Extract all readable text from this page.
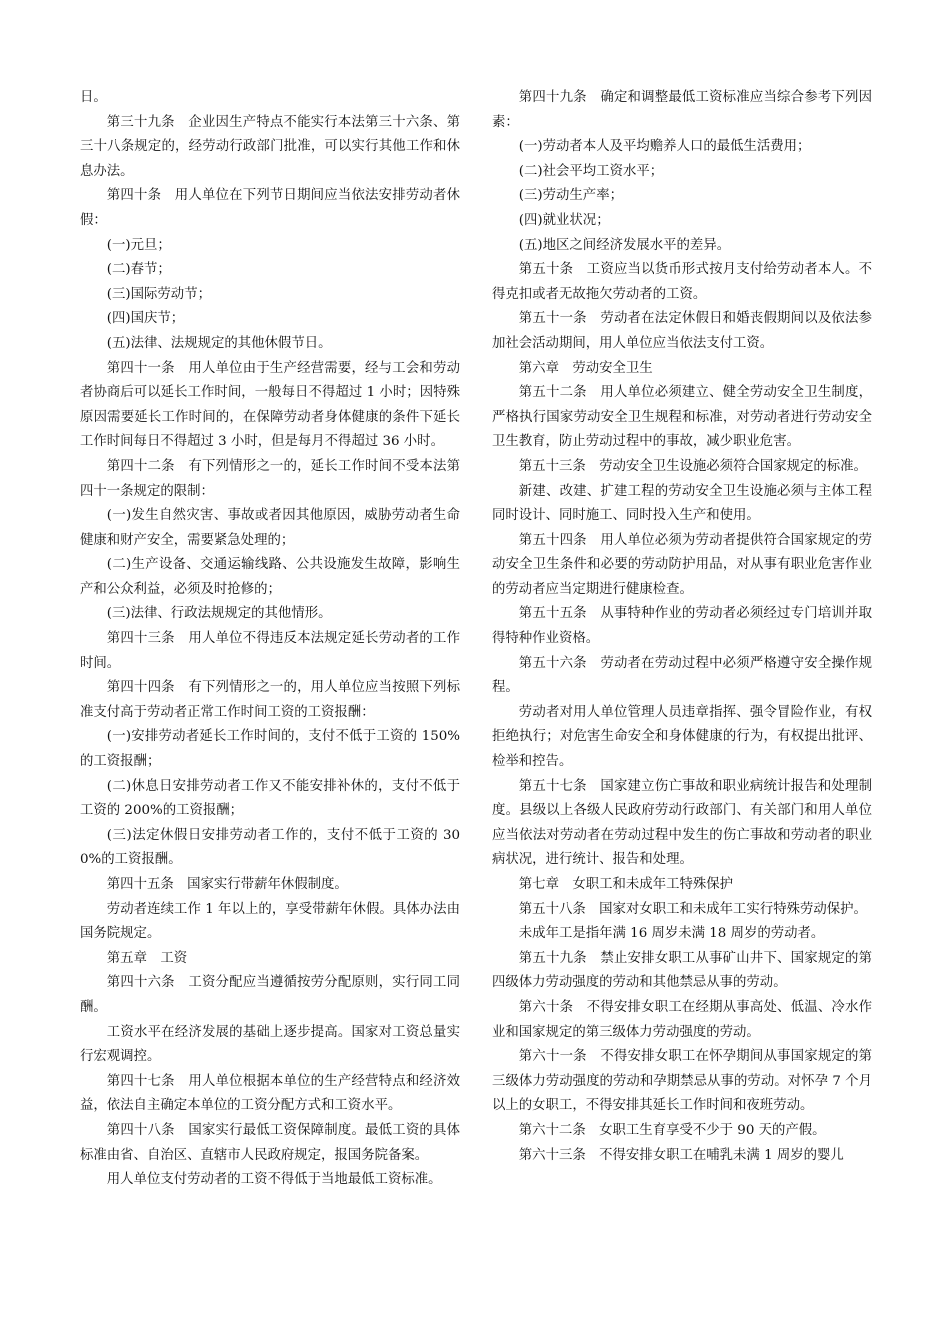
日。

第三十九条　企业因生产特点不能实行本法第三十六条、第三十八条规定的，经劳动行政部门批准，可以实行其他工作和休息办法。

第四十条　用人单位在下列节日期间应当依法安排劳动者休假：

(一)元旦；

(二)春节；

(三)国际劳动节；

(四)国庆节；

(五)法律、法规规定的其他休假节日。

第四十一条　用人单位由于生产经营需要，经与工会和劳动者协商后可以延长工作时间，一般每日不得超过 1 小时；因特殊原因需要延长工作时间的，在保障劳动者身体健康的条件下延长工作时间每日不得超过 3 小时，但是每月不得超过 36 小时。

第四十二条　有下列情形之一的，延长工作时间不受本法第四十一条规定的限制：

(一)发生自然灾害、事故或者因其他原因，威胁劳动者生命健康和财产安全，需要紧急处理的；

(二)生产设备、交通运输线路、公共设施发生故障，影响生产和公众利益，必须及时抢修的；

(三)法律、行政法规规定的其他情形。

第四十三条　用人单位不得违反本法规定延长劳动者的工作时间。

第四十四条　有下列情形之一的，用人单位应当按照下列标准支付高于劳动者正常工作时间工资的工资报酬：

(一)安排劳动者延长工作时间的，支付不低于工资的 150%的工资报酬；

(二)休息日安排劳动者工作又不能安排补休的，支付不低于工资的 200%的工资报酬；

(三)法定休假日安排劳动者工作的，支付不低于工资的 300%的工资报酬。

第四十五条　国家实行带薪年休假制度。

劳动者连续工作 1 年以上的，享受带薪年休假。具体办法由国务院规定。

第五章　工资

第四十六条　工资分配应当遵循按劳分配原则，实行同工同酬。

工资水平在经济发展的基础上逐步提高。国家对工资总量实行宏观调控。

第四十七条　用人单位根据本单位的生产经营特点和经济效益，依法自主确定本单位的工资分配方式和工资水平。

第四十八条　国家实行最低工资保障制度。最低工资的具体标准由省、自治区、直辖市人民政府规定，报国务院备案。

用人单位支付劳动者的工资不得低于当地最低工资标准。

第四十九条　确定和调整最低工资标准应当综合参考下列因素：

(一)劳动者本人及平均赡养人口的最低生活费用；

(二)社会平均工资水平；

(三)劳动生产率；

(四)就业状况；

(五)地区之间经济发展水平的差异。

第五十条　工资应当以货币形式按月支付给劳动者本人。不得克扣或者无故拖欠劳动者的工资。

第五十一条　劳动者在法定休假日和婚丧假期间以及依法参加社会活动期间，用人单位应当依法支付工资。

第六章　劳动安全卫生

第五十二条　用人单位必须建立、健全劳动安全卫生制度，严格执行国家劳动安全卫生规程和标准，对劳动者进行劳动安全卫生教育，防止劳动过程中的事故，减少职业危害。

第五十三条　劳动安全卫生设施必须符合国家规定的标准。

新建、改建、扩建工程的劳动安全卫生设施必须与主体工程同时设计、同时施工、同时投入生产和使用。

第五十四条　用人单位必须为劳动者提供符合国家规定的劳动安全卫生条件和必要的劳动防护用品，对从事有职业危害作业的劳动者应当定期进行健康检查。

第五十五条　从事特种作业的劳动者必须经过专门培训并取得特种作业资格。

第五十六条　劳动者在劳动过程中必须严格遵守安全操作规程。

劳动者对用人单位管理人员违章指挥、强令冒险作业，有权拒绝执行；对危害生命安全和身体健康的行为，有权提出批评、检举和控告。

第五十七条　国家建立伤亡事故和职业病统计报告和处理制度。县级以上各级人民政府劳动行政部门、有关部门和用人单位应当依法对劳动者在劳动过程中发生的伤亡事故和劳动者的职业病状况，进行统计、报告和处理。

第七章　女职工和未成年工特殊保护

第五十八条　国家对女职工和未成年工实行特殊劳动保护。

未成年工是指年满 16 周岁未满 18 周岁的劳动者。

第五十九条　禁止安排女职工从事矿山井下、国家规定的第四级体力劳动强度的劳动和其他禁忌从事的劳动。

第六十条　不得安排女职工在经期从事高处、低温、冷水作业和国家规定的第三级体力劳动强度的劳动。

第六十一条　不得安排女职工在怀孕期间从事国家规定的第三级体力劳动强度的劳动和孕期禁忌从事的劳动。对怀孕 7 个月以上的女职工，不得安排其延长工作时间和夜班劳动。

第六十二条　女职工生育享受不少于 90 天的产假。

第六十三条　不得安排女职工在哺乳未满 1 周岁的婴儿
